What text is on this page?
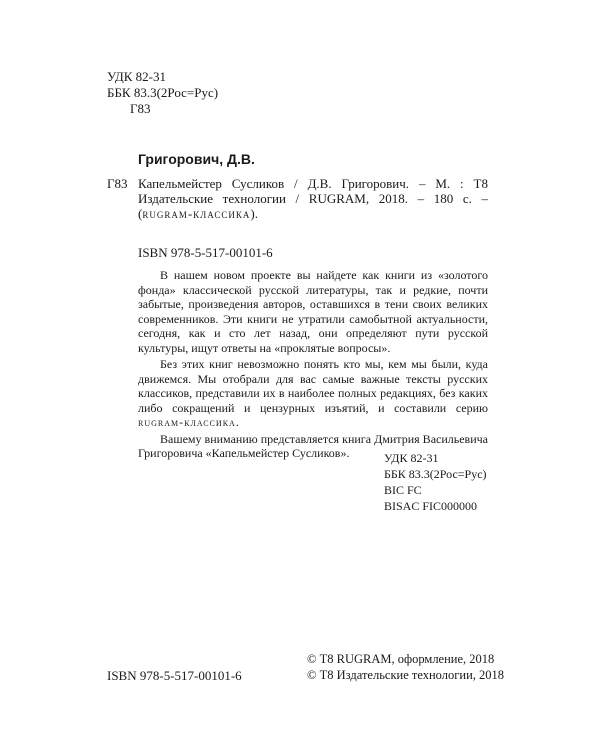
УДК 82-31
ББК 83.3(2Рос=Рус)
Г83
Григорович, Д.В.
Г83 Капельмейстер Сусликов / Д.В. Григорович. – М. : Т8

Издательские технологии / RUGRAM, 2018. – 180 с. –

(rugram-классика).

ISBN 978-5-517-00101-6

В нашем новом проекте вы найдете как книги из «золотого фонда» классической русской литературы, так и редкие, почти забытые, произведения авторов, оставшихся в тени своих великих современников. Эти книги не утратили самобытной актуальности, сегодня, как и сто лет назад, они определяют пути русской культуры, ищут ответы на «проклятые вопросы».

Без этих книг невозможно понять кто мы, кем мы были, куда движемся. Мы отобрали для вас самые важные тексты русских классиков, представили их в наиболее полных редакциях, без каких либо сокращений и цензурных изъятий, и составили серию rugram-классика.

Вашему вниманию представляется книга Дмитрия Васильевича Григоровича «Капельмейстер Сусликов».	УДК 82-31
ББК 83.3(2Рос=Рус)
BIC FC
BISAC FIC000000
ISBN 978-5-517-00101-6
© Т8 RUGRAM, оформление, 2018
© Т8 Издательские технологии, 2018
